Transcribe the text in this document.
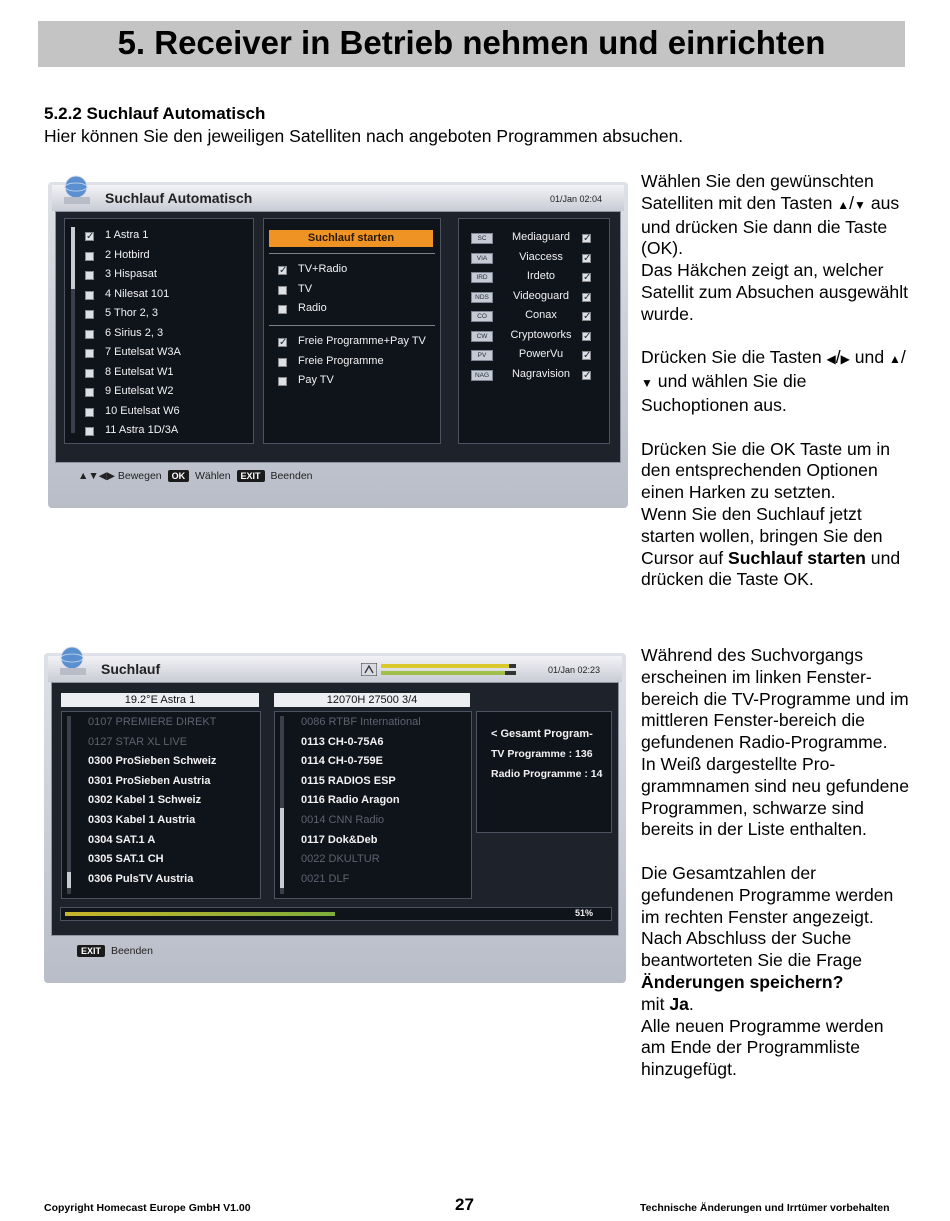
5. Receiver in Betrieb nehmen und einrichten
5.2.2 Suchlauf Automatisch
Hier können Sie den jeweiligen Satelliten nach angeboten Programmen absuchen.
Suchlauf Automatisch	01/Jan 02:04
✓ 1 Astra 1
2 Hotbird
3 Hispasat
4 Nilesat 101
5 Thor 2, 3
6 Sirius 2, 3
7 Eutelsat W3A
8 Eutelsat W1
9 Eutelsat W2
10 Eutelsat W6
11 Astra 1D/3A
Suchlauf starten
✓ TV+Radio
TV
Radio
✓ Freie Programme+Pay TV
Freie Programme
Pay TV
SC	Mediaguard ✓
VIA	Viaccess	✓
IRD	Irdeto	✓
NDS	Videoguard	✓
CO	Conax	✓
CW	Cryptoworks ✓
PV	PowerVu	✓
NAG	Nagravision ✓
▲▼◀▶ Bewegen OK Wählen EXIT Beenden
Suchlauf	01/Jan 02:23
19.2°E Astra 1	12070H 27500 3/4
0107 PREMIERE DIREKT
0127 STAR XL LIVE
0300 ProSieben Schweiz
0301 ProSieben Austria
0302 Kabel 1 Schweiz
0303 Kabel 1 Austria
0304 SAT.1 A
0305 SAT.1 CH
0306 PulsTV Austria
0086 RTBF International
0113 CH-0-75A6
0114 CH-0-759E
0115 RADIOS ESP
0116 Radio Aragon
0014 CNN Radio
0117 Dok&Deb
0022 DKULTUR
0021 DLF
< Gesamt Program-
TV Programme : 136
Radio Programme : 14
51%
EXIT Beenden

Wählen Sie den gewünschten Satelliten mit den Tasten ▲/▼ aus und drücken Sie dann die Taste (OK).

Das Häkchen zeigt an, welcher Satellit zum Absuchen ausgewählt wurde.

Drücken Sie die Tasten ◀/▶ und ▲/▼ und wählen Sie die Suchoptionen aus.

Drücken Sie die OK Taste um in den entsprechenden Optionen einen Harken zu setzten.

Wenn Sie den Suchlauf jetzt starten wollen, bringen Sie den Cursor auf Suchlauf starten und drücken die Taste OK.

Während des Suchvorgangs erscheinen im linken Fenster-bereich die TV-Programme und im mittleren Fenster-bereich die gefundenen Radio-Programme.

In Weiß dargestellte Pro-grammnamen sind neu gefundene Programmen, schwarze sind bereits in der Liste enthalten.

Die Gesamtzahlen der gefundenen Programme werden im rechten Fenster angezeigt.

Nach Abschluss der Suche beantworteten Sie die Frage Änderungen speichern?
mit Ja.

Alle neuen Programme werden am Ende der Programmliste hinzugefügt.

Copyright Homecast Europe GmbH V1.00	27	Technische Änderungen und Irrtümer vorbehalten
